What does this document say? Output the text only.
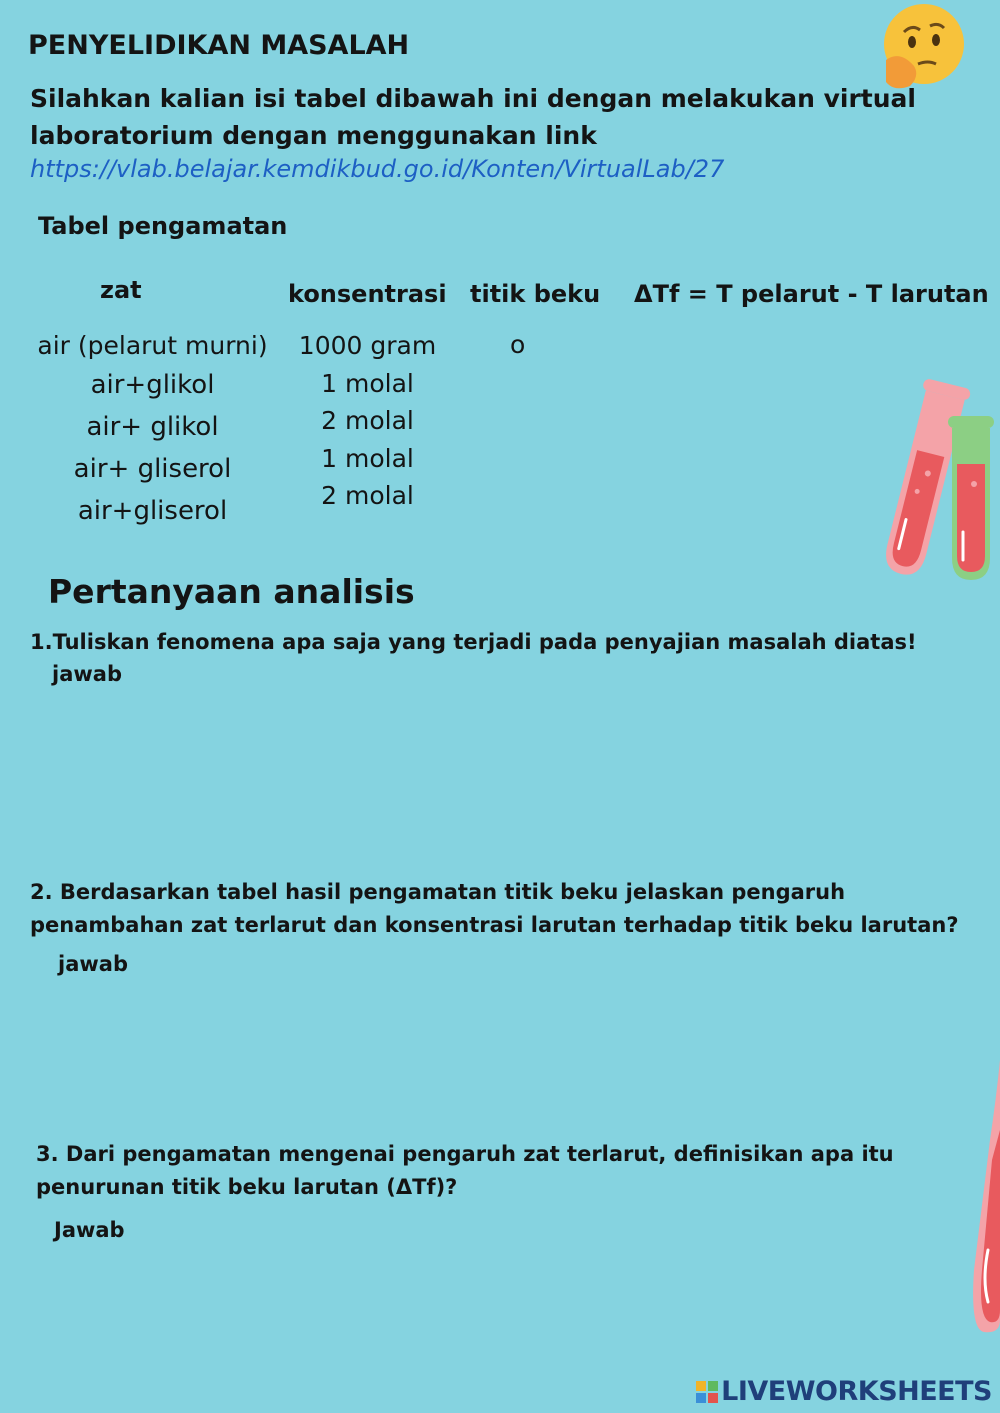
PENYELIDIKAN MASALAH
Silahkan kalian isi tabel dibawah ini dengan melakukan virtual laboratorium dengan menggunakan link
https://vlab.belajar.kemdikbud.go.id/Konten/VirtualLab/27
Tabel pengamatan
zat	konsentrasi titik beku ΔTf = T pelarut - T larutan
air (pelarut murni)
air+glikol
air+ glikol
air+ gliserol
air+gliserol
1000 gram
1 molal
2 molal
1 molal
2 molal
o
Pertanyaan analisis
1.Tuliskan fenomena apa saja yang terjadi pada penyajian masalah diatas!
jawab
2. Berdasarkan tabel hasil pengamatan titik beku jelaskan pengaruh penambahan zat terlarut dan konsentrasi larutan terhadap titik beku larutan?
jawab
3. Dari pengamatan mengenai pengaruh zat terlarut, definisikan apa itu penurunan titik beku larutan (ΔTf)?
Jawab
LIVEWORKSHEETS
